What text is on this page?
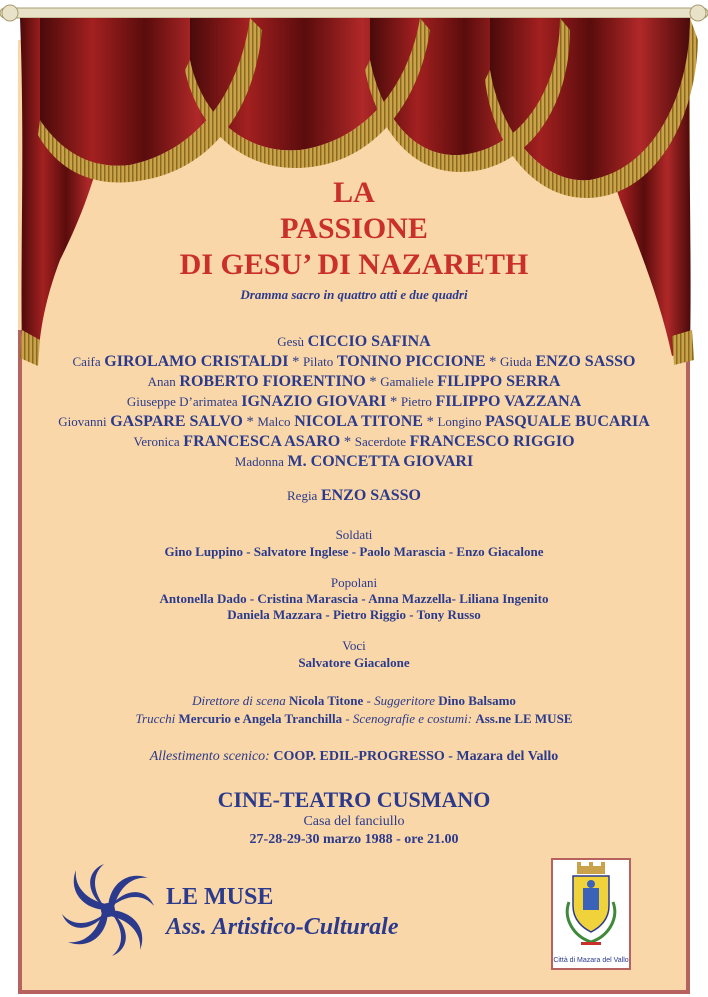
LA
PASSIONE
DI GESU’ DI NAZARETH
Dramma sacro in quattro atti e due quadri
Gesù CICCIO SAFINA
Caifa GIROLAMO CRISTALDI * Pilato TONINO PICCIONE * Giuda ENZO SASSO
Anan ROBERTO FIORENTINO * Gamaliele FILIPPO SERRA
Giuseppe D’arimatea IGNAZIO GIOVARI * Pietro FILIPPO VAZZANA
Giovanni GASPARE SALVO * Malco NICOLA TITONE * Longino PASQUALE BUCARIA
Veronica FRANCESCA ASARO * Sacerdote FRANCESCO RIGGIO
Madonna M. CONCETTA GIOVARI
Regia ENZO SASSO
Soldati
Gino Luppino - Salvatore Inglese - Paolo Marascia - Enzo Giacalone
Popolani
Antonella Dado - Cristina Marascia - Anna Mazzella- Liliana Ingenito
Daniela Mazzara - Pietro Riggio - Tony Russo
Voci
Salvatore Giacalone
Direttore di scena Nicola Titone - Suggeritore Dino Balsamo
Trucchi Mercurio e Angela Tranchilla - Scenografie e costumi: Ass.ne LE MUSE
Allestimento scenico: COOP. EDIL-PROGRESSO - Mazara del Vallo
CINE-TEATRO CUSMANO
Casa del fanciullo
27-28-29-30 marzo 1988 - ore 21.00
LE MUSE
Ass. Artistico-Culturale
Città di Mazara del Vallo
